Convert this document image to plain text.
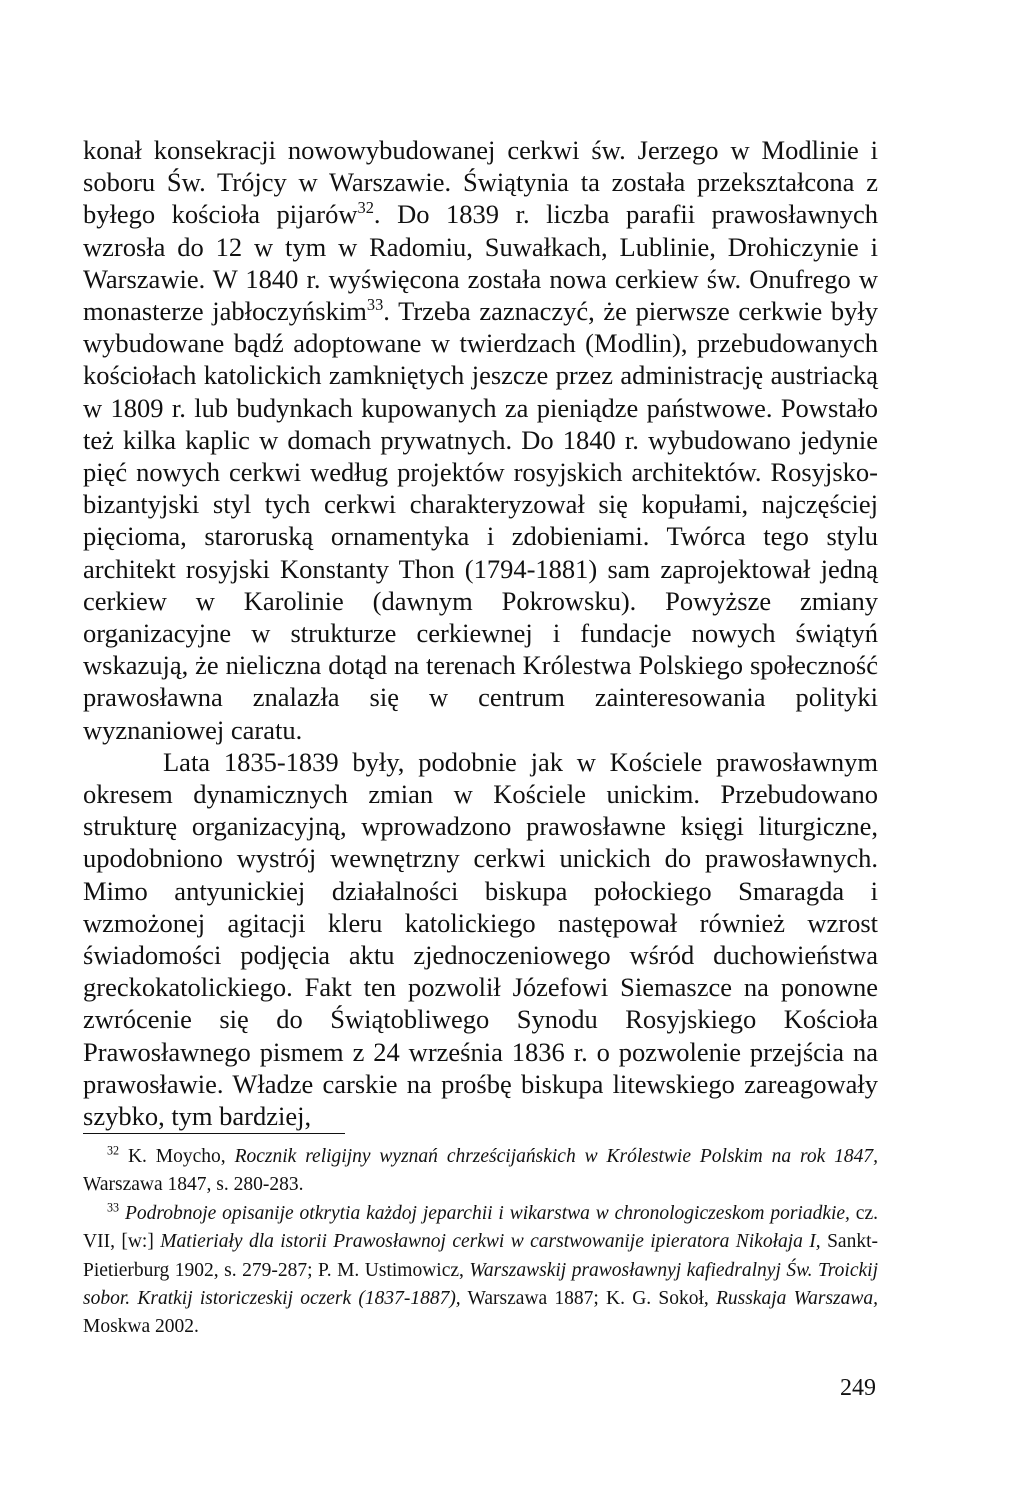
konał konsekracji nowowybudowanej cerkwi św. Jerzego w Modlinie i soboru Św. Trójcy w Warszawie. Świątynia ta została przekształcona z byłego kościoła pijarów$^{32}$. Do 1839 r. liczba parafii prawosławnych wzrosła do 12 w tym w Radomiu, Suwałkach, Lublinie, Drohiczynie i Warszawie. W 1840 r. wyświęcona została nowa cerkiew św. Onufrego w monasterze jabłoczyńskim$^{33}$. Trzeba zaznaczyć, że pierwsze cerkwie były wybudowane bądź adoptowane w twierdzach (Modlin), przebudowanych kościołach katolickich zamkniętych jeszcze przez administrację austriacką w 1809 r. lub budynkach kupowanych za pieniądze państwowe. Powstało też kilka kaplic w domach prywatnych. Do 1840 r. wybudowano jedynie pięć nowych cerkwi według projektów rosyjskich architektów. Rosyjsko-bizantyjski styl tych cerkwi charakteryzował się kopułami, najczęściej pięcioma, staroruską ornamentyka i zdobieniami. Twórca tego stylu architekt rosyjski Konstanty Thon (1794-1881) sam zaprojektował jedną cerkiew w Karolinie (dawnym Pokrowsku). Powyższe zmiany organizacyjne w strukturze cerkiewnej i fundacje nowych świątyń wskazują, że nieliczna dotąd na terenach Królestwa Polskiego społeczność prawosławna znalazła się w centrum zainteresowania polityki wyznaniowej caratu.

Lata 1835-1839 były, podobnie jak w Kościele prawosławnym okresem dynamicznych zmian w Kościele unickim. Przebudowano strukturę organizacyjną, wprowadzono prawosławne księgi liturgiczne, upodobniono wystrój wewnętrzny cerkwi unickich do prawosławnych. Mimo antyunickiej działalności biskupa połockiego Smaragda i wzmożonej agitacji kleru katolickiego następował również wzrost świadomości podjęcia aktu zjednoczeniowego wśród duchowieństwa greckokatolickiego. Fakt ten pozwolił Józefowi Siemaszce na ponowne zwrócenie się do Świątobliwego Synodu Rosyjskiego Kościoła Prawosławnego pismem z 24 września 1836 r. o pozwolenie przejścia na prawosławie. Władze carskie na prośbę biskupa litewskiego zareagowały szybko, tym bardziej,

$^{32}$ K. Moycho, Rocznik religijny wyznań chrześcijańskich w Królestwie Polskim na rok 1847, Warszawa 1847, s. 280-283.

$^{33}$ Podrobnoje opisanije otkrytia każdoj jeparchii i wikarstwa w chronologiczeskom poriadkie, cz. VII, [w:] Matieriały dla istorii Prawosławnoj cerkwi w carstwowanije ipieratora Nikołaja I, Sankt-Pietierburg 1902, s. 279-287; P. M. Ustimowicz, Warszawskij prawosławnyj kafiedralnyj Św. Troickij sobor. Kratkij istoriczeskij oczerk (1837-1887), Warszawa 1887; K. G. Sokoł, Russkaja Warszawa, Moskwa 2002.

249
